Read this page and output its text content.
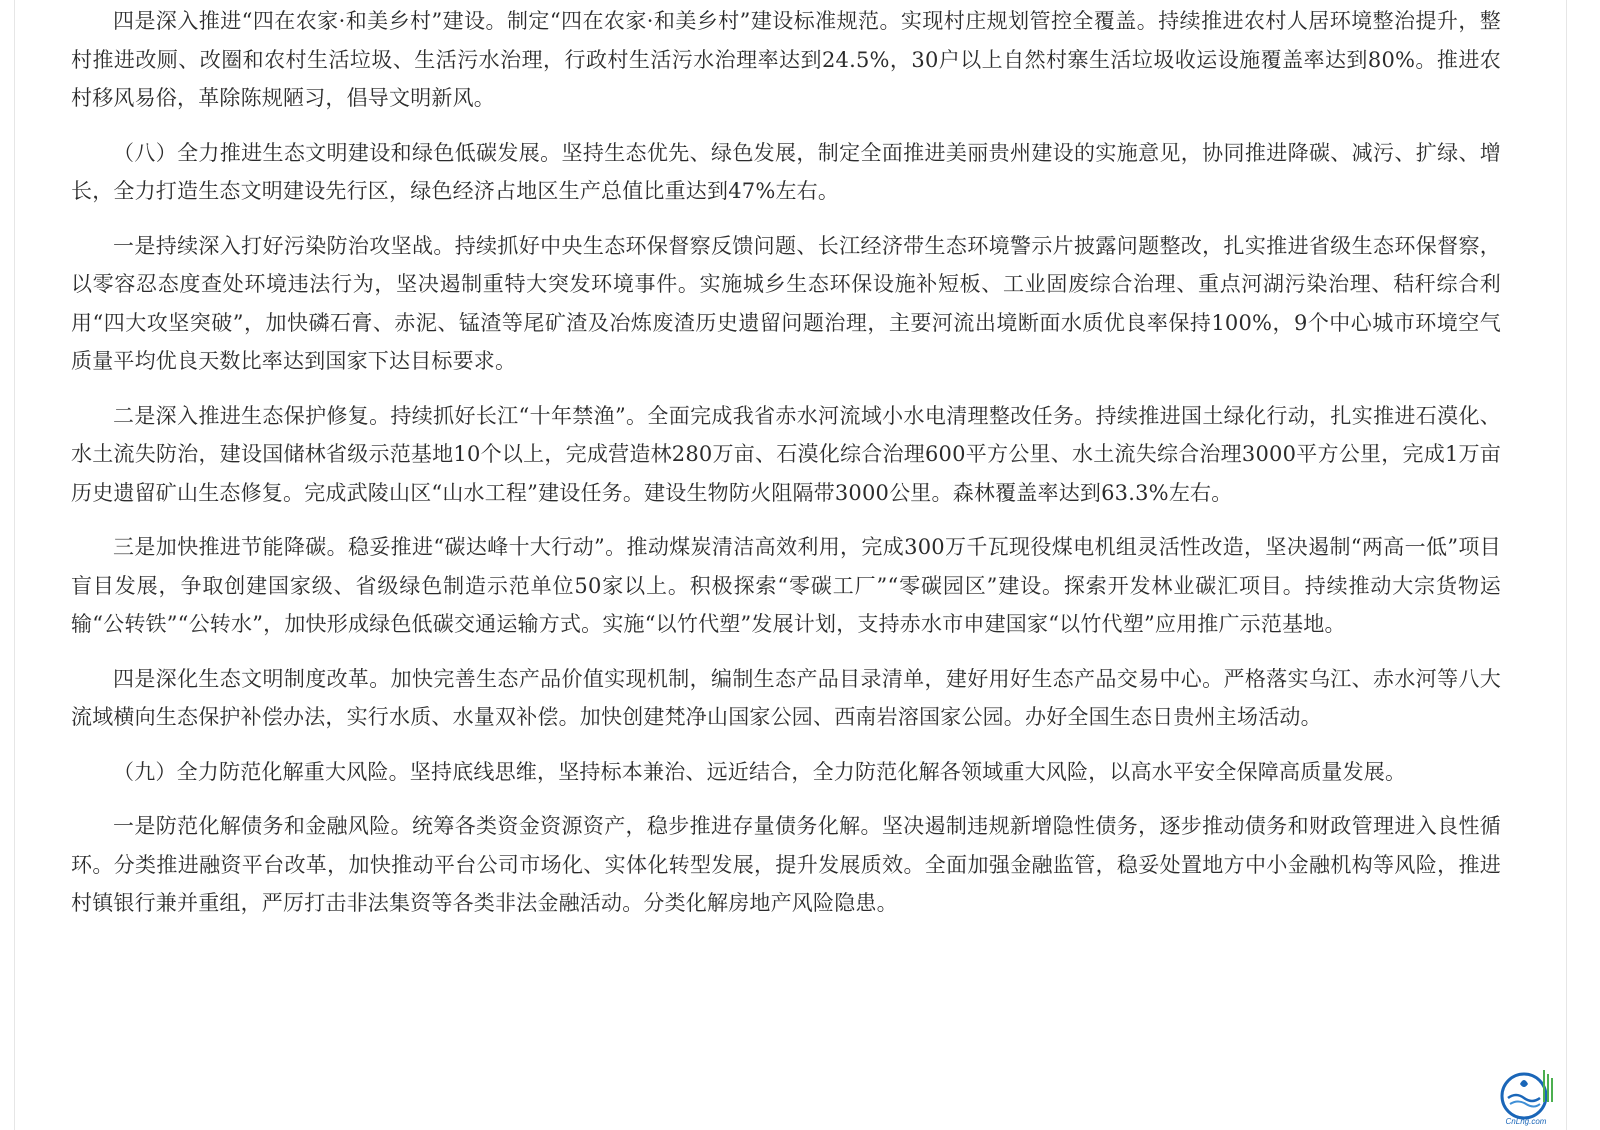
四是深入推进“四在农家·和美乡村”建设。制定“四在农家·和美乡村”建设标准规范。实现村庄规划管控全覆盖。持续推进农村人居环境整治提升，整村推进改厕、改圈和农村生活垃圾、生活污水治理，行政村生活污水治理率达到24.5%，30户以上自然村寨生活垃圾收运设施覆盖率达到80%。推进农村移风易俗，革除陈规陋习，倡导文明新风。

（八）全力推进生态文明建设和绿色低碳发展。坚持生态优先、绿色发展，制定全面推进美丽贵州建设的实施意见，协同推进降碳、减污、扩绿、增长，全力打造生态文明建设先行区，绿色经济占地区生产总值比重达到47%左右。

一是持续深入打好污染防治攻坚战。持续抓好中央生态环保督察反馈问题、长江经济带生态环境警示片披露问题整改，扎实推进省级生态环保督察，以零容忍态度查处环境违法行为，坚决遏制重特大突发环境事件。实施城乡生态环保设施补短板、工业固废综合治理、重点河湖污染治理、秸秆综合利用“四大攻坚突破”，加快磷石膏、赤泥、锰渣等尾矿渣及冶炼废渣历史遗留问题治理，主要河流出境断面水质优良率保持100%，9个中心城市环境空气质量平均优良天数比率达到国家下达目标要求。

二是深入推进生态保护修复。持续抓好长江“十年禁渔”。全面完成我省赤水河流域小水电清理整改任务。持续推进国土绿化行动，扎实推进石漠化、水土流失防治，建设国储林省级示范基地10个以上，完成营造林280万亩、石漠化综合治理600平方公里、水土流失综合治理3000平方公里，完成1万亩历史遗留矿山生态修复。完成武陵山区“山水工程”建设任务。建设生物防火阻隔带3000公里。森林覆盖率达到63.3%左右。

三是加快推进节能降碳。稳妥推进“碳达峰十大行动”。推动煤炭清洁高效利用，完成300万千瓦现役煤电机组灵活性改造，坚决遏制“两高一低”项目盲目发展，争取创建国家级、省级绿色制造示范单位50家以上。积极探索“零碳工厂”“零碳园区”建设。探索开发林业碳汇项目。持续推动大宗货物运输“公转铁”“公转水”，加快形成绿色低碳交通运输方式。实施“以竹代塑”发展计划，支持赤水市申建国家“以竹代塑”应用推广示范基地。

四是深化生态文明制度改革。加快完善生态产品价值实现机制，编制生态产品目录清单，建好用好生态产品交易中心。严格落实乌江、赤水河等八大流域横向生态保护补偿办法，实行水质、水量双补偿。加快创建梵净山国家公园、西南岩溶国家公园。办好全国生态日贵州主场活动。

（九）全力防范化解重大风险。坚持底线思维，坚持标本兼治、远近结合，全力防范化解各领域重大风险，以高水平安全保障高质量发展。

一是防范化解债务和金融风险。统筹各类资金资源资产，稳步推进存量债务化解。坚决遏制违规新增隐性债务，逐步推动债务和财政管理进入良性循环。分类推进融资平台改革，加快推动平台公司市场化、实体化转型发展，提升发展质效。全面加强金融监管，稳妥处置地方中小金融机构等风险，推进村镇银行兼并重组，严厉打击非法集资等各类非法金融活动。分类化解房地产风险隐患。

CnLng.com
